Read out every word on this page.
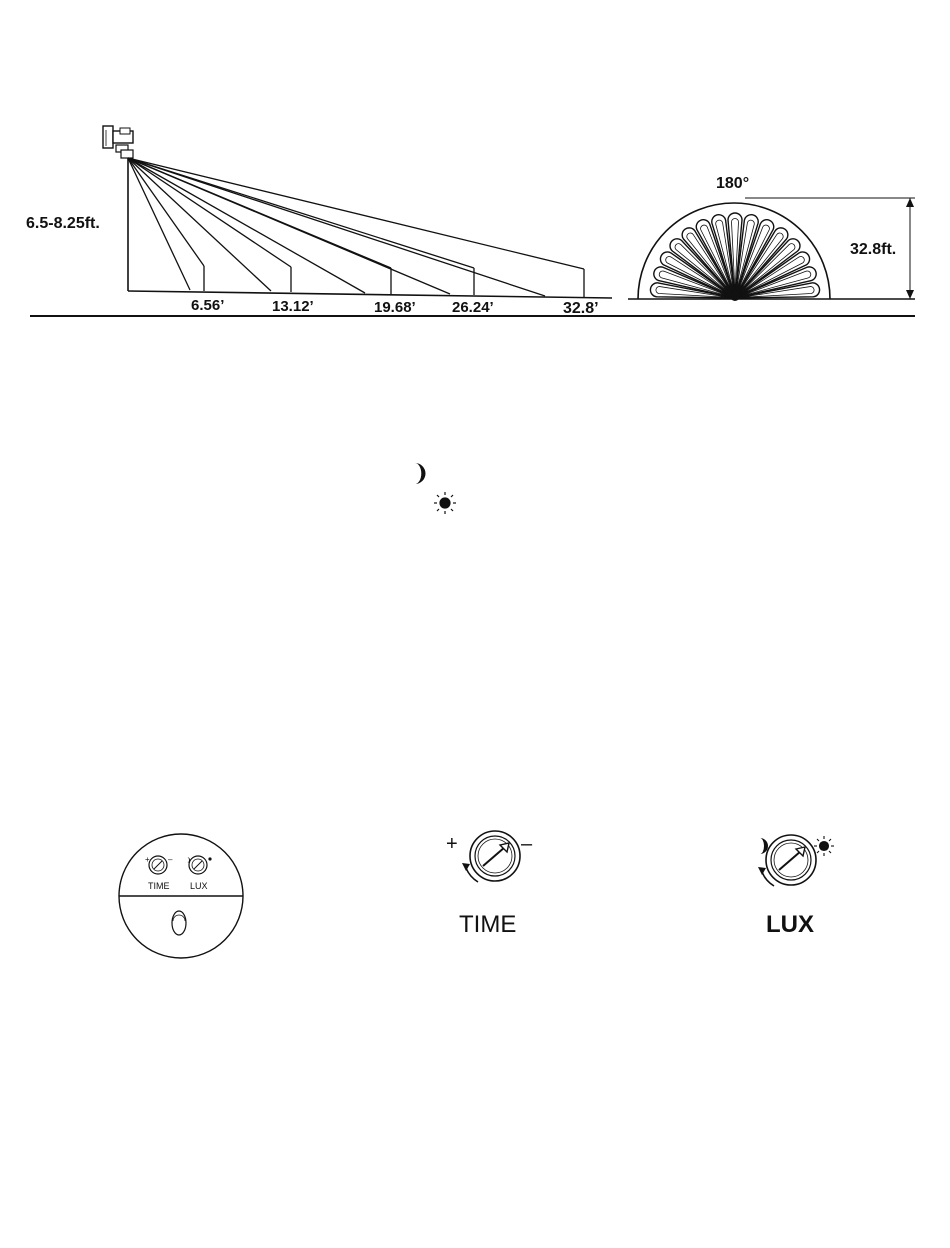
6.5-8.25ft.
6.56’	13.12’	19.68’ 26.24’	32.8’
180°
32.8ft.
+ –
TIME LUX
+	–
TIME	LUX
